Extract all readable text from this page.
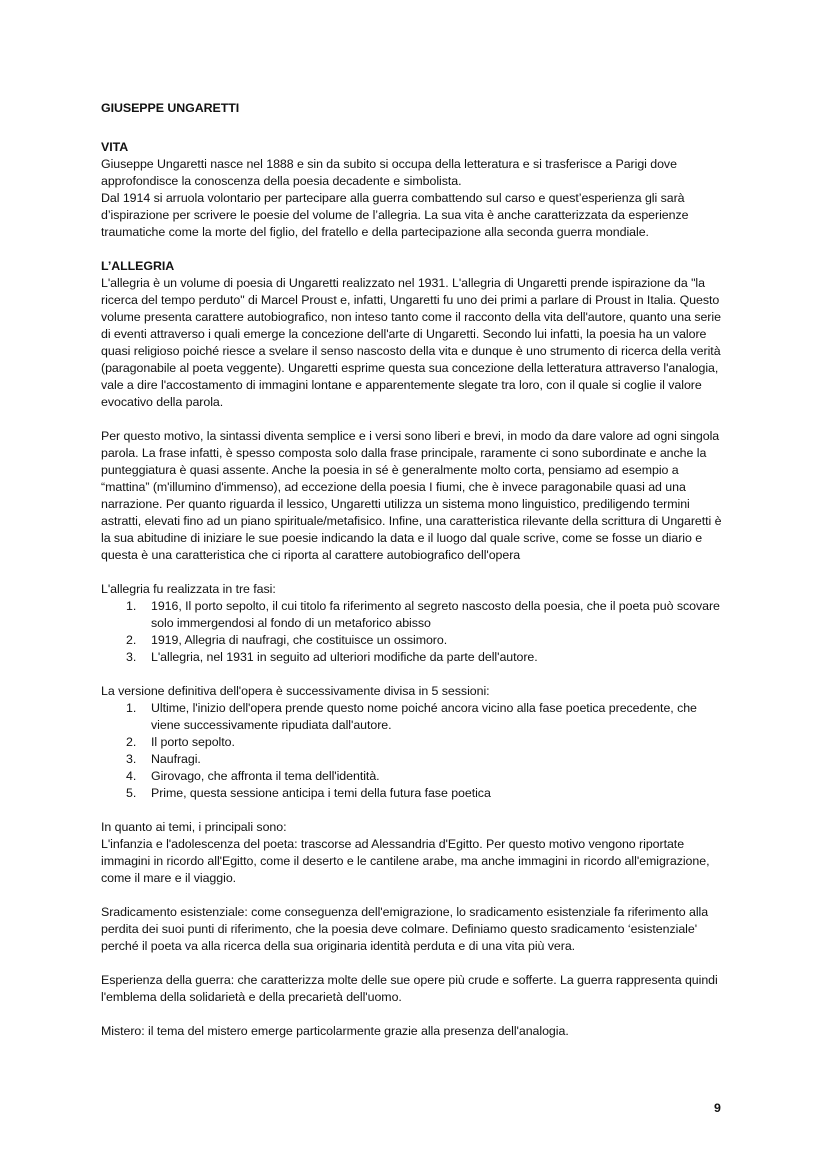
GIUSEPPE UNGARETTI

VITA

Giuseppe Ungaretti nasce nel 1888 e sin da subito si occupa della letteratura e si trasferisce a Parigi dove approfondisce la conoscenza della poesia decadente e simbolista.

Dal 1914 si arruola volontario per partecipare alla guerra combattendo sul carso e quest’esperienza gli sarà d’ispirazione per scrivere le poesie del volume de l’allegria. La sua vita è anche caratterizzata da esperienze traumatiche come la morte del figlio, del fratello e della partecipazione alla seconda guerra mondiale.

L’ALLEGRIA

L'allegria è un volume di poesia di Ungaretti realizzato nel 1931. L'allegria di Ungaretti prende ispirazione da "la ricerca del tempo perduto" di Marcel Proust e, infatti, Ungaretti fu uno dei primi a parlare di Proust in Italia. Questo volume presenta carattere autobiografico, non inteso tanto come il racconto della vita dell'autore, quanto una serie di eventi attraverso i quali emerge la concezione dell'arte di Ungaretti. Secondo lui infatti, la poesia ha un valore quasi religioso poiché riesce a svelare il senso nascosto della vita e dunque è uno strumento di ricerca della verità (paragonabile al poeta veggente). Ungaretti esprime questa sua concezione della letteratura attraverso l'analogia, vale a dire l'accostamento di immagini lontane e apparentemente slegate tra loro, con il quale si coglie il valore evocativo della parola.

Per questo motivo, la sintassi diventa semplice e i versi sono liberi e brevi, in modo da dare valore ad ogni singola parola. La frase infatti, è spesso composta solo dalla frase principale, raramente ci sono subordinate e anche la punteggiatura è quasi assente. Anche la poesia in sé è generalmente molto corta, pensiamo ad esempio a “mattina” (m'illumino d'immenso), ad eccezione della poesia I fiumi, che è invece paragonabile quasi ad una narrazione. Per quanto riguarda il lessico, Ungaretti utilizza un sistema mono linguistico, prediligendo termini astratti, elevati fino ad un piano spirituale/metafisico. Infine, una caratteristica rilevante della scrittura di Ungaretti è la sua abitudine di iniziare le sue poesie indicando la data e il luogo dal quale scrive, come se fosse un diario e questa è una caratteristica che ci riporta al carattere autobiografico dell'opera

L'allegria fu realizzata in tre fasi:

1. 1916, Il porto sepolto, il cui titolo fa riferimento al segreto nascosto della poesia, che il poeta può scovare solo immergendosi al fondo di un metaforico abisso
2. 1919, Allegria di naufragi, che costituisce un ossimoro.
3. L'allegria, nel 1931 in seguito ad ulteriori modifiche da parte dell'autore.

La versione definitiva dell'opera è successivamente divisa in 5 sessioni:

1. Ultime, l'inizio dell'opera prende questo nome poiché ancora vicino alla fase poetica precedente, che viene successivamente ripudiata dall'autore.
2. Il porto sepolto.
3. Naufragi.
4. Girovago, che affronta il tema dell'identità.
5. Prime, questa sessione anticipa i temi della futura fase poetica

In quanto ai temi, i principali sono:

L'infanzia e l'adolescenza del poeta: trascorse ad Alessandria d'Egitto. Per questo motivo vengono riportate immagini in ricordo all'Egitto, come il deserto e le cantilene arabe, ma anche immagini in ricordo all'emigrazione, come il mare e il viaggio.

Sradicamento esistenziale: come conseguenza dell'emigrazione, lo sradicamento esistenziale fa riferimento alla perdita dei suoi punti di riferimento, che la poesia deve colmare. Definiamo questo sradicamento ‘esistenziale' perché il poeta va alla ricerca della sua originaria identità perduta e di una vita più vera.

Esperienza della guerra: che caratterizza molte delle sue opere più crude e sofferte. La guerra rappresenta quindi l'emblema della solidarietà e della precarietà dell'uomo.

Mistero: il tema del mistero emerge particolarmente grazie alla presenza dell'analogia.

9
